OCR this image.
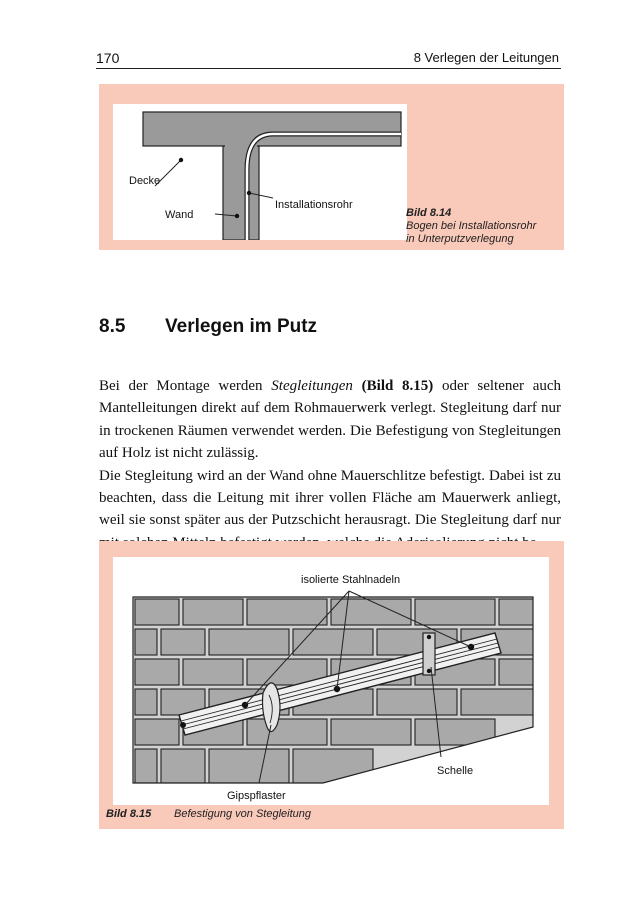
170	8 Verlegen der Leitungen
Decke
Wand
Installationsrohr
Bild 8.14
Bogen bei Installationsrohr
in Unterputzverlegung
8.5 Verlegen im Putz

Bei der Montage werden Stegleitungen (Bild 8.15) oder seltener auch Mantelleitungen direkt auf dem Rohmauerwerk verlegt. Stegleitung darf nur in trockenen Räumen verwendet werden. Die Befestigung von Stegleitungen auf Holz ist nicht zulässig.

Die Stegleitung wird an der Wand ohne Mauerschlitze befestigt. Dabei ist zu beachten, dass die Leitung mit ihrer vollen Fläche am Mauerwerk anliegt, weil sie sonst später aus der Putzschicht herausragt. Die Stegleitung darf nur

isolierte Stahlnadeln
Schelle
Gipspflaster
Bild 8.15 Befestigung von Stegleitung
